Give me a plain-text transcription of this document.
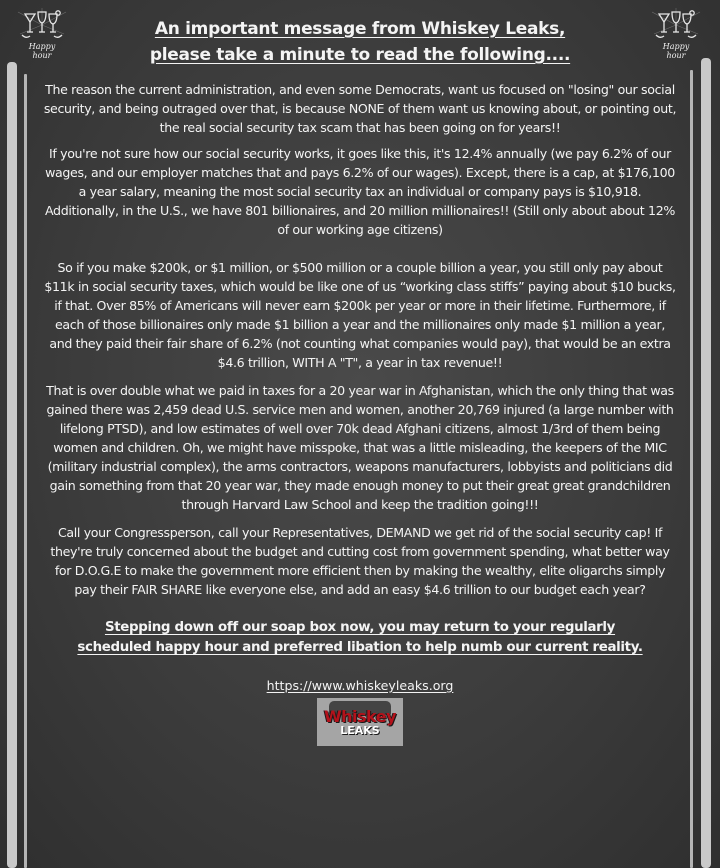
Happy hour
Happy hour
An important message from Whiskey Leaks,
please take a minute to read the following....

The reason the current administration, and even some Democrats, want us focused on "losing" our social security, and being outraged over that, is because NONE of them want us knowing about, or pointing out, the real social security tax scam that has been going on for years!!

If you're not sure how our social security works, it goes like this, it's 12.4% annually (we pay 6.2% of our wages, and our employer matches that and pays 6.2% of our wages). Except, there is a cap, at $176,100 a year salary, meaning the most social security tax an individual or company pays is $10,918. Additionally, in the U.S., we have 801 billionaires, and 20 million millionaires!! (Still only about about 12% of our working age citizens)

So if you make $200k, or $1 million, or $500 million or a couple billion a year, you still only pay about $11k in social security taxes, which would be like one of us “working class stiffs” paying about $10 bucks, if that. Over 85% of Americans will never earn $200k per year or more in their lifetime. Furthermore, if each of those billionaires only made $1 billion a year and the millionaires only made $1 million a year, and they paid their fair share of 6.2% (not counting what companies would pay), that would be an extra $4.6 trillion, WITH A "T", a year in tax revenue!!

That is over double what we paid in taxes for a 20 year war in Afghanistan, which the only thing that was gained there was 2,459 dead U.S. service men and women, another 20,769 injured (a large number with lifelong PTSD), and low estimates of well over 70k dead Afghani citizens, almost 1/3rd of them being women and children. Oh, we might have misspoke, that was a little misleading, the keepers of the MIC (military industrial complex), the arms contractors, weapons manufacturers, lobbyists and politicians did gain something from that 20 year war, they made enough money to put their great great grandchildren through Harvard Law School and keep the tradition going!!!

Call your Congressperson, call your Representatives, DEMAND we get rid of the social security cap! If they're truly concerned about the budget and cutting cost from government spending, what better way for D.O.G.E to make the government more efficient then by making the wealthy, elite oligarchs simply pay their FAIR SHARE like everyone else, and add an easy $4.6 trillion to our budget each year?

Stepping down off our soap box now, you may return to your regularly
scheduled happy hour and preferred libation to help numb our current reality.
https://www.whiskeyleaks.org
Whiskey
LEAKS
